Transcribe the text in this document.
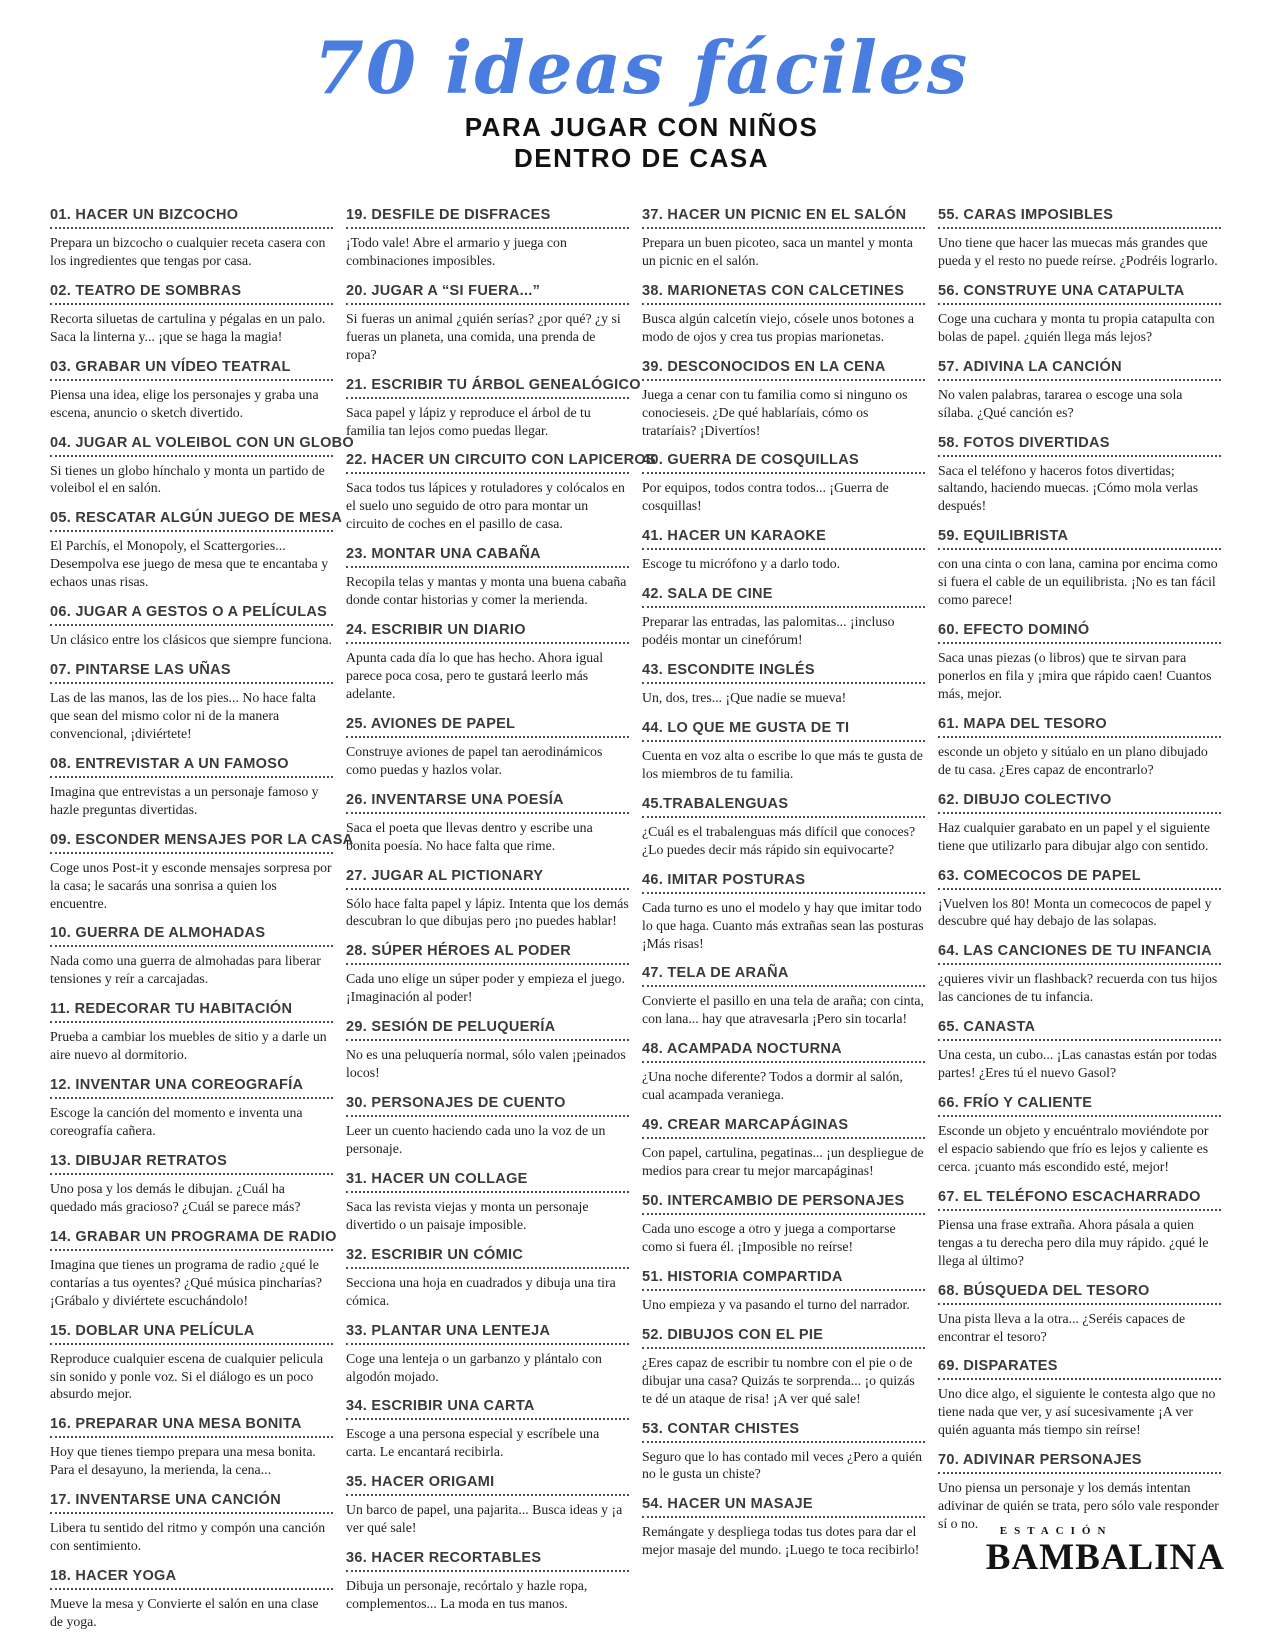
70 ideas fáciles
PARA JUGAR CON NIÑOS
DENTRO DE CASA
01. HACER UN BIZCOCHO

Prepara un bizcocho o cualquier receta casera con los ingredientes que tengas por casa.

02. TEATRO DE SOMBRAS

Recorta siluetas de cartulina y pégalas en un palo. Saca la linterna y... ¡que se haga la magia!

03. GRABAR UN VÍDEO TEATRAL

Piensa una idea, elige los personajes y graba una escena, anuncio o sketch divertido.

04. JUGAR AL VOLEIBOL CON UN GLOBO

Si tienes un globo hínchalo y monta un partido de voleibol el en salón.

05. RESCATAR ALGÚN JUEGO DE MESA

El Parchís, el Monopoly, el Scattergories... Desempolva ese juego de mesa que te encantaba y echaos unas risas.

06. JUGAR A GESTOS O A PELÍCULAS

Un clásico entre los clásicos que siempre funciona.

07. PINTARSE LAS UÑAS

Las de las manos, las de los pies... No hace falta que sean del mismo color ni de la manera convencional, ¡diviértete!

08. ENTREVISTAR A UN FAMOSO

Imagina que entrevistas a un personaje famoso y hazle preguntas divertidas.

09. ESCONDER MENSAJES POR LA CASA

Coge unos Post-it y esconde mensajes sorpresa por la casa; le sacarás una sonrisa a quien los encuentre.

10. GUERRA DE ALMOHADAS

Nada como una guerra de almohadas para liberar tensiones y reír a carcajadas.

11. REDECORAR TU HABITACIÓN

Prueba a cambiar los muebles de sitio y a darle un aire nuevo al dormitorio.

12. INVENTAR UNA COREOGRAFÍA

Escoge la canción del momento e inventa una coreografía cañera.

13. DIBUJAR RETRATOS

Uno posa y los demás le dibujan. ¿Cuál ha quedado más gracioso? ¿Cuál se parece más?

14. GRABAR UN PROGRAMA DE RADIO

Imagina que tienes un programa de radio ¿qué le contarías a tus oyentes? ¿Qué música pincharías? ¡Grábalo y diviértete escuchándolo!

15. DOBLAR UNA PELÍCULA

Reproduce cualquier escena de cualquier pelicula sin sonido y ponle voz. Si el diálogo es un poco absurdo mejor.

16. PREPARAR UNA MESA BONITA

Hoy que tienes tiempo prepara una mesa bonita. Para el desayuno, la merienda, la cena...

17. INVENTARSE UNA CANCIÓN

Libera tu sentido del ritmo y compón una canción con sentimiento.

18. HACER YOGA

Mueve la mesa y Convierte el salón en una clase de yoga.

19. DESFILE DE DISFRACES

¡Todo vale! Abre el armario y juega con combinaciones imposibles.

20. JUGAR A “SI FUERA...”

Si fueras un animal ¿quién serías? ¿por qué? ¿y si fueras un planeta, una comida, una prenda de ropa?

21. ESCRIBIR TU ÁRBOL GENEALÓGICO

Saca papel y lápiz y reproduce el árbol de tu familia tan lejos como puedas llegar.

22. HACER UN CIRCUITO CON LAPICEROS

Saca todos tus lápices y rotuladores y colócalos en el suelo uno seguido de otro para montar un circuito de coches en el pasillo de casa.

23. MONTAR UNA CABAÑA

Recopila telas y mantas y monta una buena cabaña donde contar historias y comer la merienda.

24. ESCRIBIR UN DIARIO

Apunta cada día lo que has hecho. Ahora igual parece poca cosa, pero te gustará leerlo más adelante.

25. AVIONES DE PAPEL

Construye aviones de papel tan aerodinámicos como puedas y hazlos volar.

26. INVENTARSE UNA POESÍA

Saca el poeta que llevas dentro y escribe una bonita poesía. No hace falta que rime.

27. JUGAR AL PICTIONARY

Sólo hace falta papel y lápiz. Intenta que los demás descubran lo que dibujas pero ¡no puedes hablar!

28. SÚPER HÉROES AL PODER

Cada uno elige un súper poder y empieza el juego. ¡Imaginación al poder!

29. SESIÓN DE PELUQUERÍA

No es una peluquería normal, sólo valen ¡peinados locos!

30. PERSONAJES DE CUENTO

Leer un cuento haciendo cada uno la voz de un personaje.

31. HACER UN COLLAGE

Saca las revista viejas y monta un personaje divertido o un paisaje imposible.

32. ESCRIBIR UN CÓMIC

Secciona una hoja en cuadrados y dibuja una tira cómica.

33. PLANTAR UNA LENTEJA

Coge una lenteja o un garbanzo y plántalo con algodón mojado.

34. ESCRIBIR UNA CARTA

Escoge a una persona especial y escríbele una carta. Le encantará recibirla.

35. HACER ORIGAMI

Un barco de papel, una pajarita... Busca ideas y ¡a ver qué sale!

36. HACER RECORTABLES

Dibuja un personaje, recórtalo y hazle ropa, complementos... La moda en tus manos.

37. HACER UN PICNIC EN EL SALÓN

Prepara un buen picoteo, saca un mantel y monta un picnic en el salón.

38. MARIONETAS CON CALCETINES

Busca algún calcetín viejo, cósele unos botones a modo de ojos y crea tus propias marionetas.

39. DESCONOCIDOS EN LA CENA

Juega a cenar con tu familia como si ninguno os conocieseis. ¿De qué hablaríais, cómo os trataríais? ¡Divertíos!

40. GUERRA DE COSQUILLAS

Por equipos, todos contra todos... ¡Guerra de cosquillas!

41. HACER UN KARAOKE

Escoge tu micrófono y a darlo todo.

42. SALA DE CINE

Preparar las entradas, las palomitas... ¡incluso podéis montar un cinefórum!

43. ESCONDITE INGLÉS

Un, dos, tres... ¡Que nadie se mueva!

44. LO QUE ME GUSTA DE TI

Cuenta en voz alta o escribe lo que más te gusta de los miembros de tu familia.

45.TRABALENGUAS

¿Cuál es el trabalenguas más difícil que conoces? ¿Lo puedes decir más rápido sin equivocarte?

46. IMITAR POSTURAS

Cada turno es uno el modelo y hay que imitar todo lo que haga. Cuanto más extrañas sean las posturas ¡Más risas!

47. TELA DE ARAÑA

Convierte el pasillo en una tela de araña; con cinta, con lana... hay que atravesarla ¡Pero sin tocarla!

48. ACAMPADA NOCTURNA

¿Una noche diferente? Todos a dormir al salón, cual acampada veraniega.

49. CREAR MARCAPÁGINAS

Con papel, cartulina, pegatinas... ¡un despliegue de medios para crear tu mejor marcapáginas!

50. INTERCAMBIO DE PERSONAJES

Cada uno escoge a otro y juega a comportarse como si fuera él. ¡Imposible no reírse!

51. HISTORIA COMPARTIDA

Uno empieza y va pasando el turno del narrador.

52. DIBUJOS CON EL PIE

¿Eres capaz de escribir tu nombre con el pie o de dibujar una casa? Quizás te sorprenda... ¡o quizás te dé un ataque de risa! ¡A ver qué sale!

53. CONTAR CHISTES

Seguro que lo has contado mil veces ¿Pero a quién no le gusta un chiste?

54. HACER UN MASAJE

Remángate y despliega todas tus dotes para dar el mejor masaje del mundo. ¡Luego te toca recibirlo!

55. CARAS IMPOSIBLES

Uno tiene que hacer las muecas más grandes que pueda y el resto no puede reírse. ¿Podréis lograrlo.

56. CONSTRUYE UNA CATAPULTA

Coge una cuchara y monta tu propia catapulta con bolas de papel. ¿quién llega más lejos?

57. ADIVINA LA CANCIÓN

No valen palabras, tararea o escoge una sola sílaba. ¿Qué canción es?

58. FOTOS DIVERTIDAS

Saca el teléfono y haceros fotos divertidas; saltando, haciendo muecas. ¡Cómo mola verlas después!

59. EQUILIBRISTA

con una cinta o con lana, camina por encima como si fuera el cable de un equilibrista. ¡No es tan fácil como parece!

60. EFECTO DOMINÓ

Saca unas piezas (o libros) que te sirvan para ponerlos en fila y ¡mira que rápido caen! Cuantos más, mejor.

61. MAPA DEL TESORO

esconde un objeto y sitúalo en un plano dibujado de tu casa. ¿Eres capaz de encontrarlo?

62. DIBUJO COLECTIVO

Haz cualquier garabato en un papel y el siguiente tiene que utilizarlo para dibujar algo con sentido.

63. COMECOCOS DE PAPEL

¡Vuelven los 80! Monta un comecocos de papel y descubre qué hay debajo de las solapas.

64. LAS CANCIONES DE TU INFANCIA

¿quieres vivir un flashback? recuerda con tus hijos las canciones de tu infancia.

65. CANASTA

Una cesta, un cubo... ¡Las canastas están por todas partes! ¿Eres tú el nuevo Gasol?

66. FRÍO Y CALIENTE

Esconde un objeto y encuéntralo moviéndote por el espacio sabiendo que frío es lejos y caliente es cerca. ¡cuanto más escondido esté, mejor!

67. EL TELÉFONO ESCACHARRADO

Piensa una frase extraña. Ahora pásala a quien tengas a tu derecha pero dila muy rápido. ¿qué le llega al último?

68. BÚSQUEDA DEL TESORO

Una pista lleva a la otra... ¿Seréis capaces de encontrar el tesoro?

69. DISPARATES

Uno dice algo, el siguiente le contesta algo que no tiene nada que ver, y así sucesivamente ¡A ver quién aguanta más tiempo sin reírse!

70. ADIVINAR PERSONAJES

Uno piensa un personaje y los demás intentan adivinar de quién se trata, pero sólo vale responder sí o no.	ESTACIÓN
BAMBALINA
